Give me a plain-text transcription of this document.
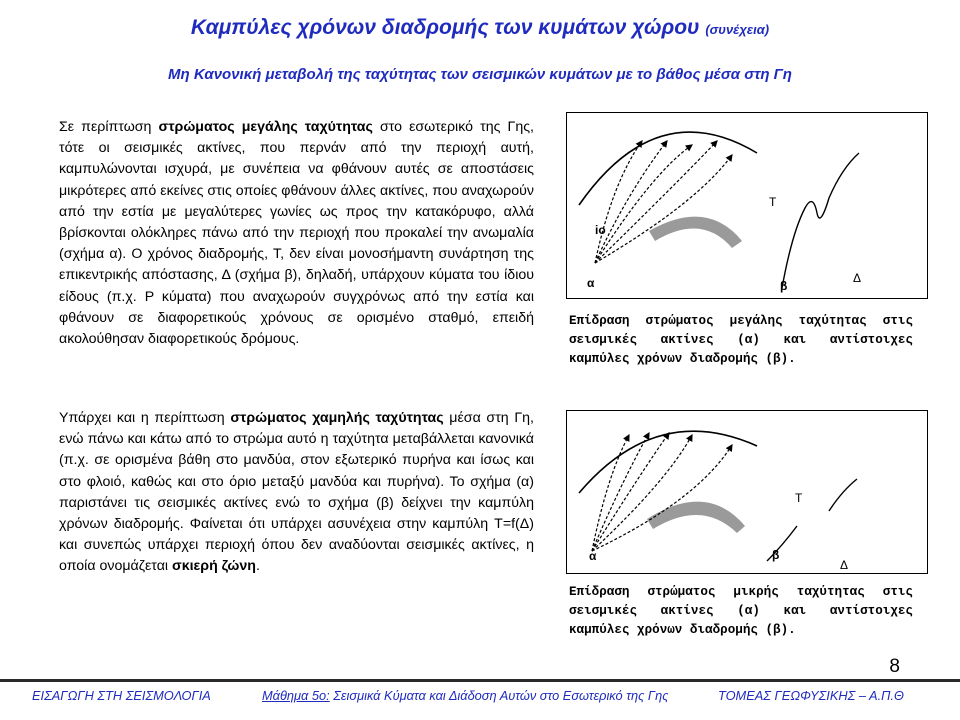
Καμπύλες χρόνων διαδρομής των κυμάτων χώρου (συνέχεια)
Μη Κανονική μεταβολή της ταχύτητας των σεισμικών κυμάτων με το βάθος μέσα στη Γη
Σε περίπτωση στρώματος μεγάλης ταχύτητας στο εσωτερικό της Γης, τότε οι σεισμικές ακτίνες, που περνάν από την περιοχή αυτή, καμπυλώνονται ισχυρά, με συνέπεια να φθάνουν αυτές σε αποστάσεις μικρότερες από εκείνες στις οποίες φθάνουν άλλες ακτίνες, που αναχωρούν από την εστία με μεγαλύτερες γωνίες ως προς την κατακόρυφο, αλλά βρίσκονται ολόκληρες πάνω από την περιοχή που προκαλεί την ανωμαλία (σχήμα α). Ο χρόνος διαδρομής, Τ, δεν είναι μονοσήμαντη συνάρτηση της επικεντρικής απόστασης, Δ (σχήμα β), δηλαδή, υπάρχουν κύματα του ίδιου είδους (π.χ. P κύματα) που αναχωρούν συγχρόνως από την εστία και φθάνουν σε διαφορετικούς χρόνους σε ορισμένο σταθμό, επειδή ακολούθησαν διαφορετικούς δρόμους.
io
α
T
β
Δ
Επίδραση στρώματος μεγάλης ταχύτητας στις σεισμικές ακτίνες (α) και αντίστοιχες καμπύλες χρόνων διαδρομής (β).
Υπάρχει και η περίπτωση στρώματος χαμηλής ταχύτητας μέσα στη Γη, ενώ πάνω και κάτω από το στρώμα αυτό η ταχύτητα μεταβάλλεται κανονικά (π.χ. σε ορισμένα βάθη στο μανδύα, στον εξωτερικό πυρήνα και ίσως και στο φλοιό, καθώς και στο όριο μεταξύ μανδύα και πυρήνα). Το σχήμα (α) παριστάνει τις σεισμικές ακτίνες ενώ το σχήμα (β) δείχνει την καμπύλη χρόνων διαδρομής. Φαίνεται ότι υπάρχει ασυνέχεια στην καμπύλη T=f(Δ) και συνεπώς υπάρχει περιοχή όπου δεν αναδύονται σεισμικές ακτίνες, η οποία ονομάζεται σκιερή ζώνη.
T
α	β
Δ
Επίδραση στρώματος μικρής ταχύτητας στις σεισμικές ακτίνες (α) και αντίστοιχες καμπύλες χρόνων διαδρομής (β).
8
ΕΙΣΑΓΩΓΗ ΣΤΗ ΣΕΙΣΜΟΛΟΓΙΑ	Μάθημα 5ο: Σεισμικά Κύματα και Διάδοση Αυτών στο Εσωτερικό της Γης	ΤΟΜΕΑΣ ΓΕΩΦΥΣΙΚΗΣ – Α.Π.Θ
